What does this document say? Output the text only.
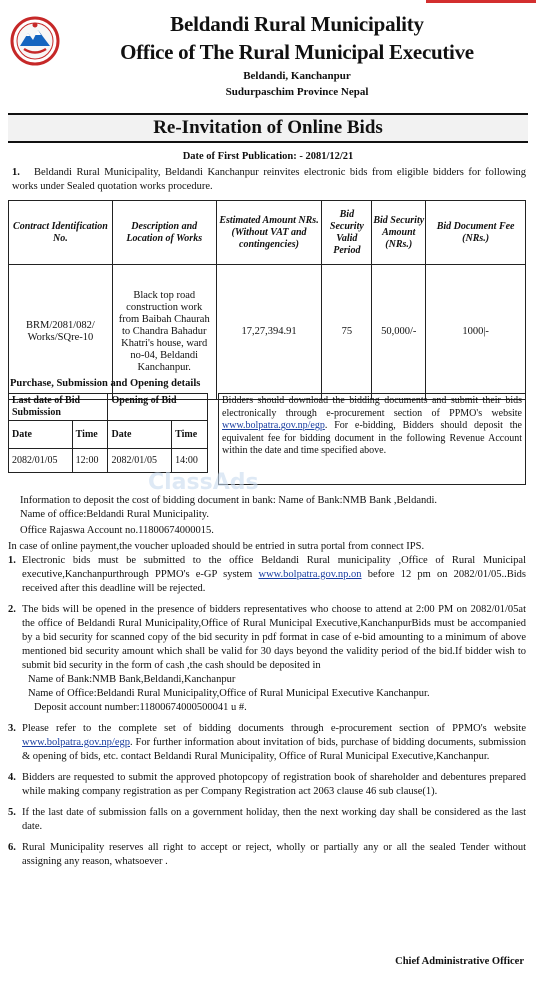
Beldandi Rural Municipality
Office of The Rural Municipal Executive
Beldandi, Kanchanpur
Sudurpaschim Province Nepal
Re-Invitation of Online Bids
Date of First Publication: - 2081/12/21
1. Beldandi Rural Municipality, Beldandi Kanchanpur reinvites electronic bids from eligible bidders for following works under Sealed quotation works procedure.
Contract Identification No.	Description and Location of Works	Estimated Amount NRs. (Without VAT and contingencies)	Bid Security Valid Period	Bid Security Amount (NRs.)	Bid Document Fee (NRs.)
BRM/2081/082/ Works/SQre-10	Black top road construction work from Baibah Chaurah to Chandra Bahadur Khatri's house, ward no-04, Beldandi Kanchanpur.	17,27,394.91	75	50,000/-	1000|-
Purchase, Submission and Opening details
Last date of Bid Submission		Opening of Bid	
Date	Time	Date	Time
2082/01/05	12:00	2082/01/05	14:00
Bidders should download the bidding documents and submit their bids electronically through e-procurement section of PPMO's website www.bolpatra.gov.np/egp. For e-bidding, Bidders should deposit the equivalent fee for bidding document in the following Revenue Account within the date and time specified above.
ClassAds
Information to deposit the cost of bidding document in bank: Name of Bank:NMB Bank ,Beldandi.
Name of office:Beldandi Rural Municipality.
Office Rajaswa Account no.11800674000015.
In case of online payment,the voucher uploaded should be entried in sutra portal from connect IPS.
1. Electronic bids must be submitted to the office Beldandi Rural municipality ,Office of Rural Municipal executive,Kanchanpurthrough PPMO's e-GP system www.bolpatra.gov.np.on before 12 pm on 2082/01/05..Bids received after this deadline will be rejected.
2. The bids will be opened in the presence of bidders representatives who choose to attend at 2:00 PM on 2082/01/05at the office of Beldandi Rural Municipality,Office of Rural Municipal Executive,KanchanpurBids must be accompanied by a bid security for scanned copy of the bid security in pdf format in case of e-bid amounting to a minimum of above mentioned bid security amount which shall be valid for 30 days beyond the validity period of the bid.If bidder wish to submit bid security in the form of cash ,the cash should be deposited in
Name of Bank:NMB Bank,Beldandi,Kanchanpur
Name of Office:Beldandi Rural Municipality,Office of Rural Municipal Executive Kanchanpur.
Deposit account number:11800674000500041 u #.
3. Please refer to the complete set of bidding documents through e-procurement section of PPMO's website www.bolpatra.gov.np/egp. For further information about invitation of bids, purchase of bidding documents, submission & opening of bids, etc. contact Beldandi Rural Municipality, Office of Rural Municipal Executive,Kanchanpur.
4. Bidders are requested to submit the approved photopcopy of registration book of shareholder and debentures prepared while making company registration as per Company Registration act 2063 clause 46 sub clause(1).
5. If the last date of submission falls on a government holiday, then the next working day shall be considered as the last date.
6. Rural Municipality reserves all right to accept or reject, wholly or partially any or all the sealed Tender without assigning any reason, whatsoever .
Chief Administrative Officer
